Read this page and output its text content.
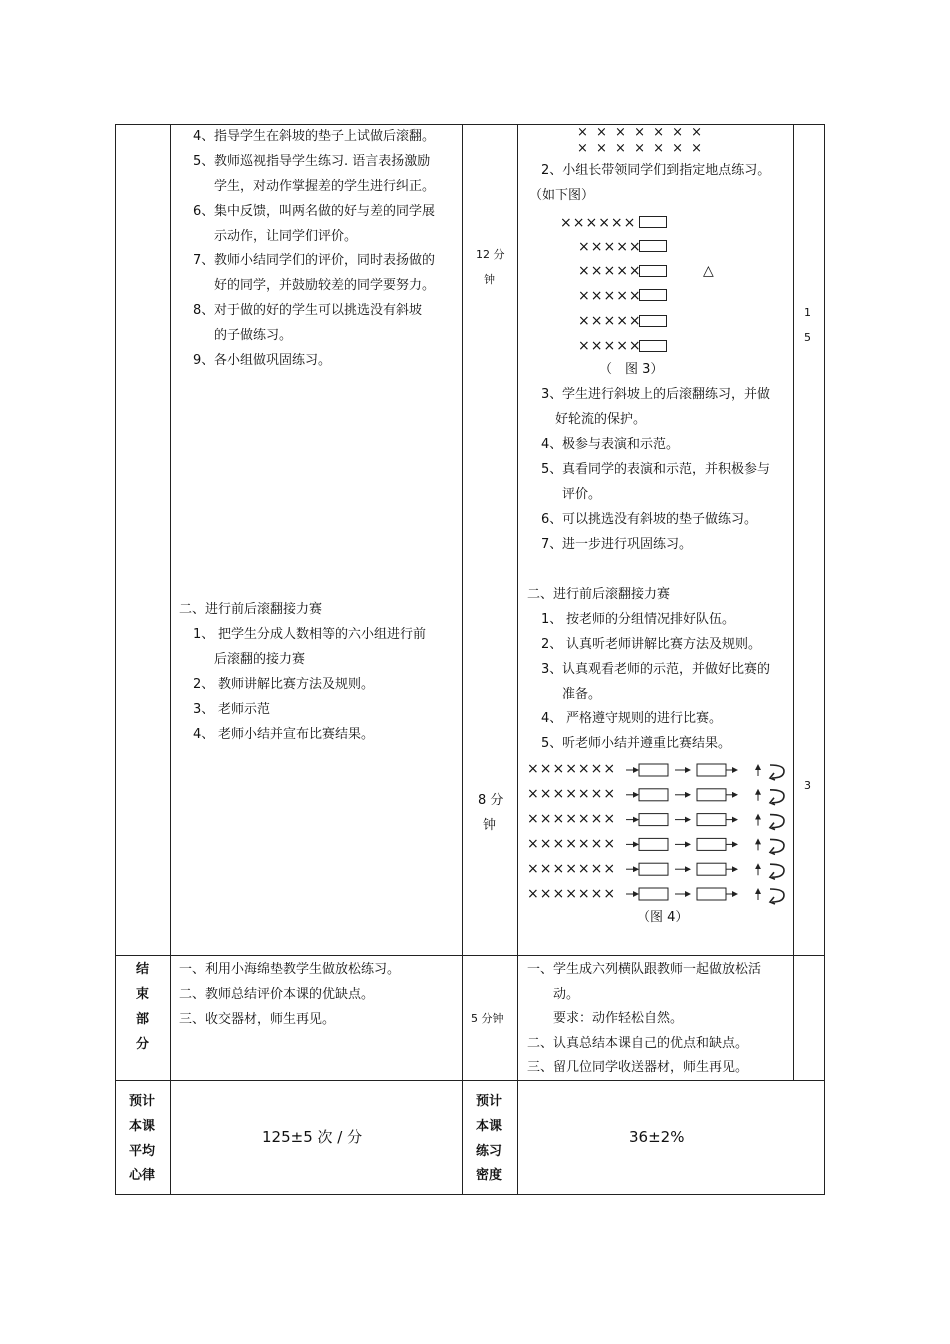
4、 指导学生在斜坡的垫子上试做后滚翻。
5、 教师巡视指导学生练习. 语言表扬激励
学生，对动作掌握差的学生进行纠正。
6、 集中反馈，叫两名做的好与差的同学展
示动作，让同学们评价。
7、 教师小结同学们的评价，同时表扬做的
好的同学，并鼓励较差的同学要努力。
8、 对于做的好的学生可以挑选没有斜坡
的子做练习。
9、 各小组做巩固练习。
二、进行前后滚翻接力赛
1、 把学生分成人数相等的六小组进行前
后滚翻的接力赛
2、 教师讲解比赛方法及规则。
3、 老师示范
4、 老师小结并宣布比赛结果。
12 分
钟
8 分
钟
5 分钟
1
5
3
× × × × × × ×
× × × × × × ×
2、小组长带领同学们到指定地点练习。
（如下图）
××××××
×××××
×××××
×××××
×××××
×××××
△
（　图 3）
3、 学生进行斜坡上的后滚翻练习，并做
好轮流的保护。
4、 极参与表演和示范。
5、 真看同学的表演和示范，并积极参与
评价。
6、 可以挑选没有斜坡的垫子做练习。
7、 进一步进行巩固练习。
二、进行前后滚翻接力赛
1、 按老师的分组情况排好队伍。
2、 认真听老师讲解比赛方法及规则。
3、 认真观看老师的示范，并做好比赛的
准备。
4、 严格遵守规则的进行比赛。
5、 听老师小结并遵重比赛结果。
×××××××
×××××××
×××××××
×××××××
×××××××
×××××××
（图 4）
结
束
部
分
一、利用小海绵垫教学生做放松练习。
二、教师总结评价本课的优缺点。
三、收交器材，师生再见。
一、学生成六列横队跟教师一起做放松活
　　动。
　　要求：动作轻松自然。
二、认真总结本课自己的优点和缺点。
三、留几位同学收送器材，师生再见。
预计
本课
平均
心律
125±5 次 / 分
预计
本课
练习
密度
36±2%
